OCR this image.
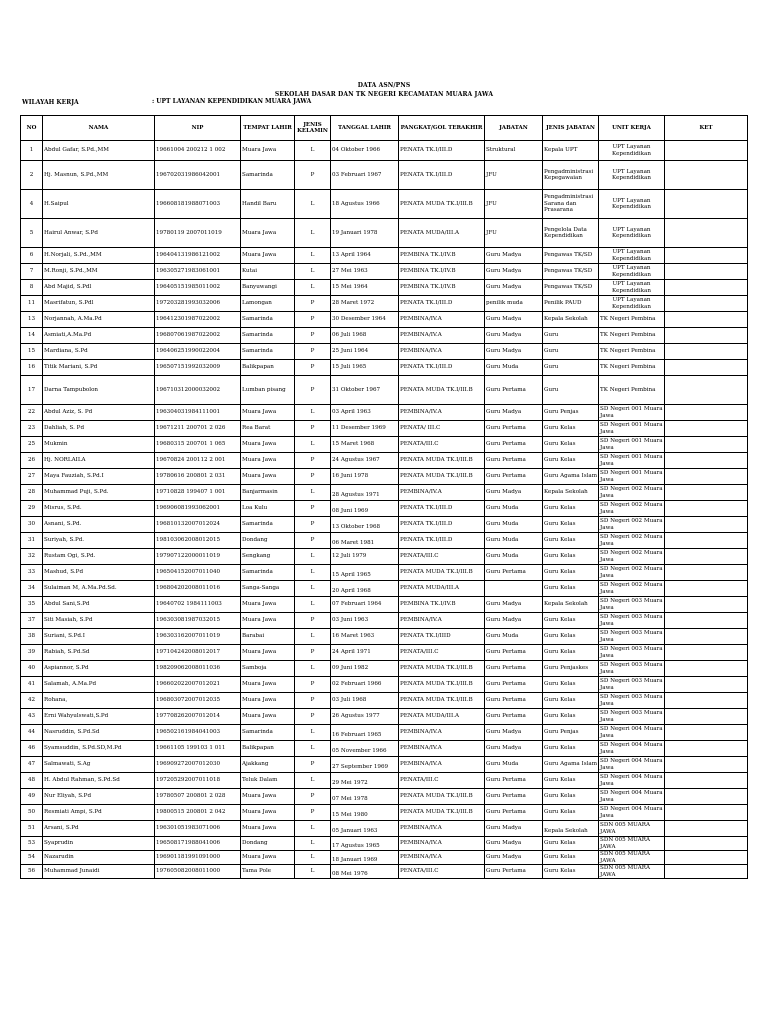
DATA ASN/PNS
SEKOLAH DASAR DAN TK NEGERI KECAMATAN MUARA JAWA
WILAYAH KERJA	: UPT LAYANAN KEPENDIDIKAN MUARA JAWA
NO	NAMA	NIP	TEMPAT LAHIR	JENIS KELAMIN	TANGGAL LAHIR	PANGKAT/GOL TERAKHIR	JABATAN	JENIS JABATAN	UNIT KERJA	KET
1	Abdul Gafar, S.Pd.,MM	19661004 200212 1 002	Muara Jawa	L	04 Oktober 1966	PENATA TK.I/III.D	Struktural	Kepala UPT	UPT Layanan Kependidikan	
2	Hj. Masnun, S.Pd.,MM	196702031986042001	Samarinda	P	03 Februari 1967	PENATA TK.I/III.D	JFU	Pengadministrasi Kepegawaian	UPT Layanan Kependidikan	
4	H.Saipul	196608181988071003	Handil Baru	L	18 Agustus 1966	PENATA MUDA TK.I/III.B	JFU	Pengadministrasi Sarana dan Prasarana	UPT Layanan Kependidikan	
5	Hairul Anwar, S.Pd	19780119 2007011019	Muara Jawa	L	19 Januari 1978	PENATA MUDA/III.A	JFU	Pengelola Data Kependidikan	UPT Layanan Kependidikan	
6	H.Norjali, S.Pd.,MM	196404131986121002	Muara Jawa	L	13 April 1964	PEMBINA TK.I/IV.B	Guru Madya	Pengawas TK/SD	UPT Layanan Kependidikan	
7	M.Ronji, S.Pd.,MM	196305271983061001	Kutai	L	27 Mei 1963	PEMBINA TK.I/IV.B	Guru Madya	Pengawas TK/SD	UPT Layanan Kependidikan	
8	Abd Majid, S.Pdl	196405151985011002	Banyuwangi	L	15 Mei 1964	PEMBINA TK.I/IV.B	Guru Madya	Pengawas TK/SD	UPT Layanan Kependidikan	
11	Masrifatun, S.Pdl	197203281993032006	Lamongan	P	28 Maret 1972	PENATA TK.I/III.D	penilik muda	Penilik PAUD	UPT Layanan Kependidikan	
13	Norjannah, A.Ma.Pd	196412301987022002	Samarinda	P	30 Desember 1964	PEMBINA/IV.A	Guru Madya	Kepala Sekolah	TK Negeri Pembina	
14	Asmiati,A.Ma.Pd	196807061987022002	Samarinda	P	06 Juli 1968	PEMBINA/IV.A	Guru Madya	Guru	TK Negeri Pembina	
15	Mardiana, S.Pd	196406251990022004	Samarinda	P	25 Juni 1964	PEMBINA/IV.A	Guru Madya	Guru	TK Negeri Pembina	
16	Titik Mariani, S.Pd	196507151992032009	Balikpapan	P	15 Juli 1965	PENATA TK.I/III.D	Guru Muda	Guru	TK Negeri Pembina	
17	Darna Tampubolon	196710312000032002	Lumban pisang	P	31 Oktober 1967	PENATA MUDA TK.I/III.B	Guru Pertama	Guru	TK Negeri Pembina	
22	Abdul Aziz, S. Pd	196304031984111001	Muara Jawa	L	03 April 1963	PEMBINA/IV.A	Guru Madya	Guru Penjas	SD Negeri 001 Muara Jawa	
23	Dahliah, S. Pd	19671211 200701 2 026	Rea Barat	P	11 Desember 1969	PENATA/ III.C	Guru Pertama	Guru Kelas	SD Negeri 001 Muara Jawa	
25	Mukmin	19680315 200701 1 065	Muara Jawa	L	15 Maret 1968	PENATA/III.C	Guru Pertama	Guru Kelas	SD Negeri 001 Muara Jawa	
26	Hj. NORLAILA	19670824 200112 2 001	Muara Jawa	P	24 Agustus 1967	PENATA MUDA TK.I/III.B	Guru Pertama	Guru Kelas	SD Negeri 001 Muara Jawa	
27	Maya Fauziah, S.Pd.I	19780616 200801 2 031	Muara Jawa	P	16 Juni 1978	PENATA MUDA TK.I/III.B	Guru Pertama	Guru Agama Islam	SD Negeri 001 Muara Jawa	
28	Muhammad Puji, S.Pd.	19710828 199407 1 001	Banjarmasin	L	28 Agustus 1971	PEMBINA/IV.A	Guru Madya	Kepala Sekolah	SD Negeri 002 Muara Jawa	
29	Misrus, S.Pd.	196906081993062001	Loa Kulu	P	08 Juni 1969	PENATA TK.I/III.D	Guru Muda	Guru Kelas	SD Negeri 002 Muara Jawa	
30	Asnani, S.Pd.	196810132007012024	Samarinda	P	13 Oktober 1968	PENATA TK.I/III.D	Guru Muda	Guru Kelas	SD Negeri 002 Muara Jawa	
31	Suriyah, S.Pd.	198103062008012015	Dondang	P	06 Maret 1981	PENATA TK.I/III.D	Guru Muda	Guru Kelas	SD Negeri 002 Muara Jawa	
32	Rustam Ogi, S.Pd.	197907122000011019	Sengkang	L	12 Juli 1979	PENATA/III.C	Guru Muda	Guru Kelas	SD Negeri 002 Muara Jawa	
33	Mashud, S.Pd	196504152007011040	Samarinda	L	15 April 1965	PENATA MUDA TK.I/III.B	Guru Pertama	Guru Kelas	SD Negeri 002 Muara Jawa	
34	Sulaiman M, A.Ma.Pd.Sd.	196804202008011016	Sanga-Sanga	L	20 April 1968	PENATA MUDA/III.A		Guru Kelas	SD Negeri 002 Muara Jawa	
35	Abdul Sani,S.Pd	19640702 1984111003	Muara Jawa	L	07 Februari 1964	PEMBINA TK.I/IV.B	Guru Madya	Kepala Sekolah	SD Negeri 003 Muara Jawa	
37	Siti Masiah, S.Pd	196303081987032015	Muara Jawa	P	03 Juni 1963	PEMBINA/IV.A	Guru Madya	Guru Kelas	SD Negeri 003 Muara Jawa	
38	Suriani, S.Pd.I	196303162007011019	Barabai	L	16 Maret 1963	PENATA TK.I/IIID	Guru Muda	Guru Kelas	SD Negeri 003 Muara Jawa	
39	Rabiah, S.Pd.Sd	197104242008012017	Muara Jawa	P	24 April 1971	PENATA/III.C	Guru Pertama	Guru Kelas	SD Negeri 003 Muara Jawa	
40	Aspiannor, S.Pd	198209062008011036	Samboja	L	09 Juni 1982	PENATA MUDA TK.I/III.B	Guru Pertama	Guru Penjaskes	SD Negeri 003 Muara Jawa	
41	Salamah, A.Ma.Pd	196602022007012021	Muara Jawa	P	02 Februari 1966	PENATA MUDA TK.I/III.B	Guru Pertama	Guru Kelas	SD Negeri 003 Muara Jawa	
42	Rohana,	196803072007012035	Muara Jawa	P	03 Juli 1968	PENATA MUDA TK.I/III.B	Guru Pertama	Guru Kelas	SD Negeri 003 Muara Jawa	
43	Erni Wahyulswati,S.Pd	197708262007012014	Muara Jawa	P	26 Agustus 1977	PENATA MUDA/III.A	Guru Pertama	Guru Kelas	SD Negeri 003 Muara Jawa	
44	Nasruddin, S.Pd.Sd	196502161984041003	Samarinda	L	16 Februari 1965	PEMBINA/IV.A	Guru Madya	Guru Penjas	SD Negeri 004 Muara Jawa	
46	Syamsuddin, S.Pd.SD,M.Pd	19661105 199103 1 011	Balikpapan	L	05 November 1966	PEMBINA/IV.A	Guru Madya	Guru Kelas	SD Negeri 004 Muara Jawa	
47	Salmawati, S.Ag	196909272007012030	Ajakkang	P	27 September 1969	PEMBINA/IV.A	Guru Muda	Guru Agama Islam	SD Negeri 004 Muara Jawa	
48	H. Abdul Rahman, S.Pd.Sd	197205292007011018	Teluk Dalam	L	29 Mei 1972	PENATA/III.C	Guru Pertama	Guru Kelas	SD Negeri 004 Muara Jawa	
49	Nur Eliyah, S.Pd	19780507 200801 2 028	Muara Jawa	P	07 Mei 1978	PENATA MUDA TK.I/III.B	Guru Pertama	Guru Kelas	SD Negeri 004 Muara Jawa	
50	Resmiati Ampi, S.Pd	19800515 200801 2 042	Muara Jawa	P	15 Mei 1980	PENATA MUDA TK.I/III.B	Guru Pertama	Guru Kelas	SD Negeri 004 Muara Jawa	
51	Arsani, S.Pd	196301051983071006	Muara Jawa	L	05 Januari 1963	PEMBINA/IV.A	Guru Madya	Kepala Sekolah	SDN 005 MUARA JAWA	
53	Syaprudin	196508171988041006	Dondang	L	17 Agustus 1965	PEMBINA/IV.A	Guru Madya	Guru Kelas	SDN 005 MUARA JAWA	
54	Nazarudin	196901181991091000	Muara Jawa	L	18 Januari 1969	PEMBINA/IV.A	Guru Madya	Guru Kelas	SDN 005 MUARA JAWA	
56	Muhammad Junaidi	197605082008011000	Tama Pole	L	08 Mei 1976	PENATA/III.C	Guru Pertama	Guru Kelas	SDN 005 MUARA JAWA	
